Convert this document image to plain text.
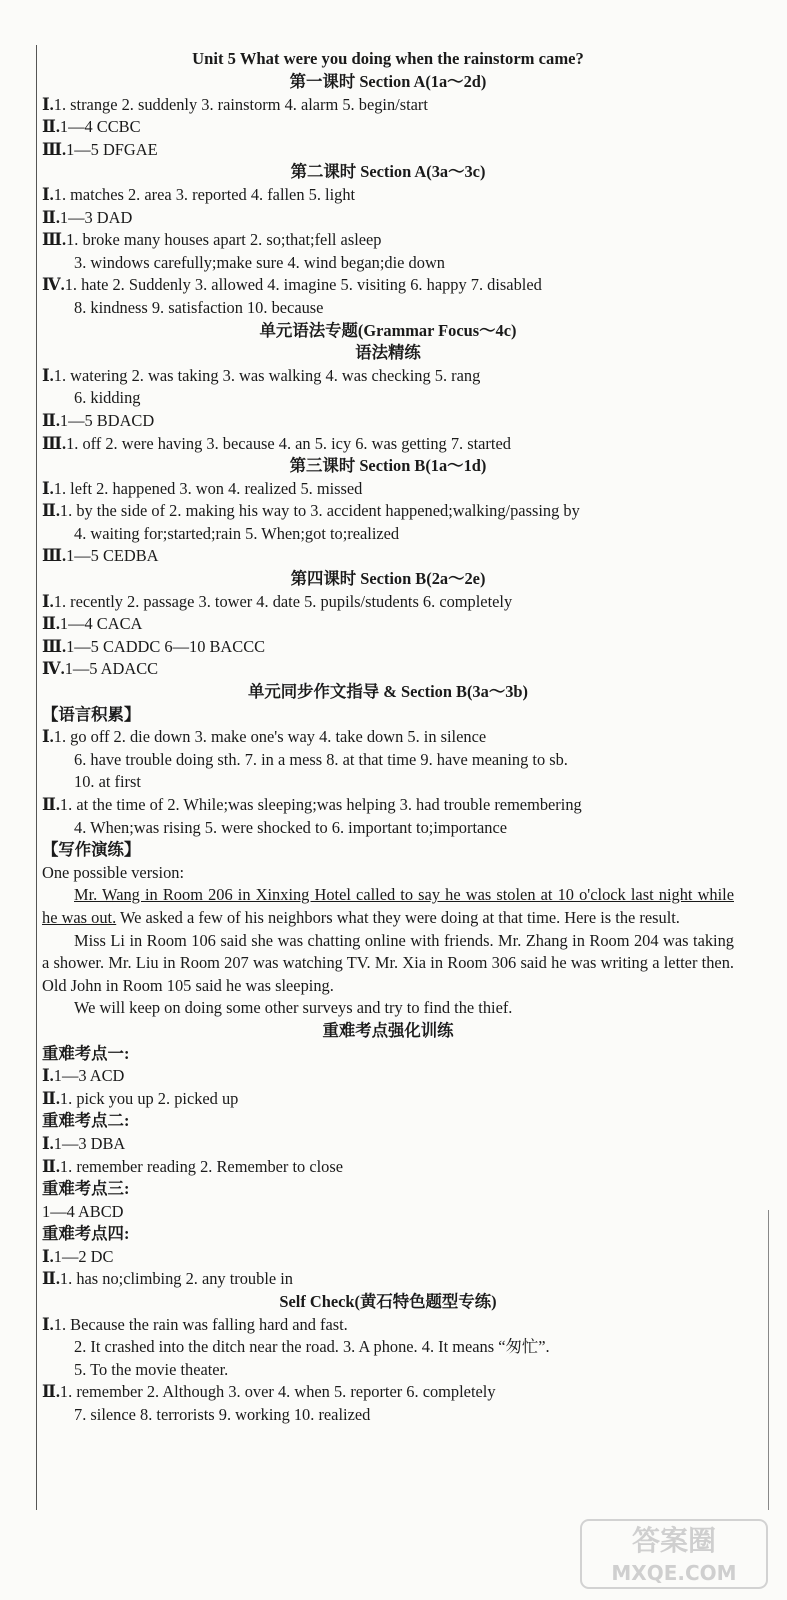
Unit 5 What were you doing when the rainstorm came?
第一课时 Section A(1a～2d)
Ⅰ.1. strange 2. suddenly 3. rainstorm 4. alarm 5. begin/start
Ⅱ.1—4 CCBC
Ⅲ.1—5 DFGAE
第二课时 Section A(3a～3c)
Ⅰ.1. matches 2. area 3. reported 4. fallen 5. light
Ⅱ.1—3 DAD
Ⅲ.1. broke many houses apart 2. so;that;fell asleep
3. windows carefully;make sure 4. wind began;die down
Ⅳ.1. hate 2. Suddenly 3. allowed 4. imagine 5. visiting 6. happy 7. disabled
8. kindness 9. satisfaction 10. because
单元语法专题(Grammar Focus～4c)
语法精练
Ⅰ.1. watering 2. was taking 3. was walking 4. was checking 5. rang
6. kidding
Ⅱ.1—5 BDACD
Ⅲ.1. off 2. were having 3. because 4. an 5. icy 6. was getting 7. started
第三课时 Section B(1a～1d)
Ⅰ.1. left 2. happened 3. won 4. realized 5. missed
Ⅱ.1. by the side of 2. making his way to 3. accident happened;walking/passing by
4. waiting for;started;rain 5. When;got to;realized
Ⅲ.1—5 CEDBA
第四课时 Section B(2a～2e)
Ⅰ.1. recently 2. passage 3. tower 4. date 5. pupils/students 6. completely
Ⅱ.1—4 CACA
Ⅲ.1—5 CADDC 6—10 BACCC
Ⅳ.1—5 ADACC
单元同步作文指导 & Section B(3a～3b)
【语言积累】
Ⅰ.1. go off 2. die down 3. make one's way 4. take down 5. in silence
6. have trouble doing sth. 7. in a mess 8. at that time 9. have meaning to sb.
10. at first
Ⅱ.1. at the time of 2. While;was sleeping;was helping 3. had trouble remembering
4. When;was rising 5. were shocked to 6. important to;importance
【写作演练】
One possible version:
Mr. Wang in Room 206 in Xinxing Hotel called to say he was stolen at 10 o'clock last night while he was out. We asked a few of his neighbors what they were doing at that time. Here is the result.
Miss Li in Room 106 said she was chatting online with friends. Mr. Zhang in Room 204 was taking a shower. Mr. Liu in Room 207 was watching TV. Mr. Xia in Room 306 said he was writing a letter then. Old John in Room 105 said he was sleeping.
We will keep on doing some other surveys and try to find the thief.
重难考点强化训练
重难考点一:
Ⅰ.1—3 ACD
Ⅱ.1. pick you up 2. picked up
重难考点二:
Ⅰ.1—3 DBA
Ⅱ.1. remember reading 2. Remember to close
重难考点三:
1—4 ABCD
重难考点四:
Ⅰ.1—2 DC
Ⅱ.1. has no;climbing 2. any trouble in
Self Check(黄石特色题型专练)
Ⅰ.1. Because the rain was falling hard and fast.
2. It crashed into the ditch near the road. 3. A phone. 4. It means “匆忙”.
5. To the movie theater.
Ⅱ.1. remember 2. Although 3. over 4. when 5. reporter 6. completely
7. silence 8. terrorists 9. working 10. realized
答案圈 MXQE.COM
